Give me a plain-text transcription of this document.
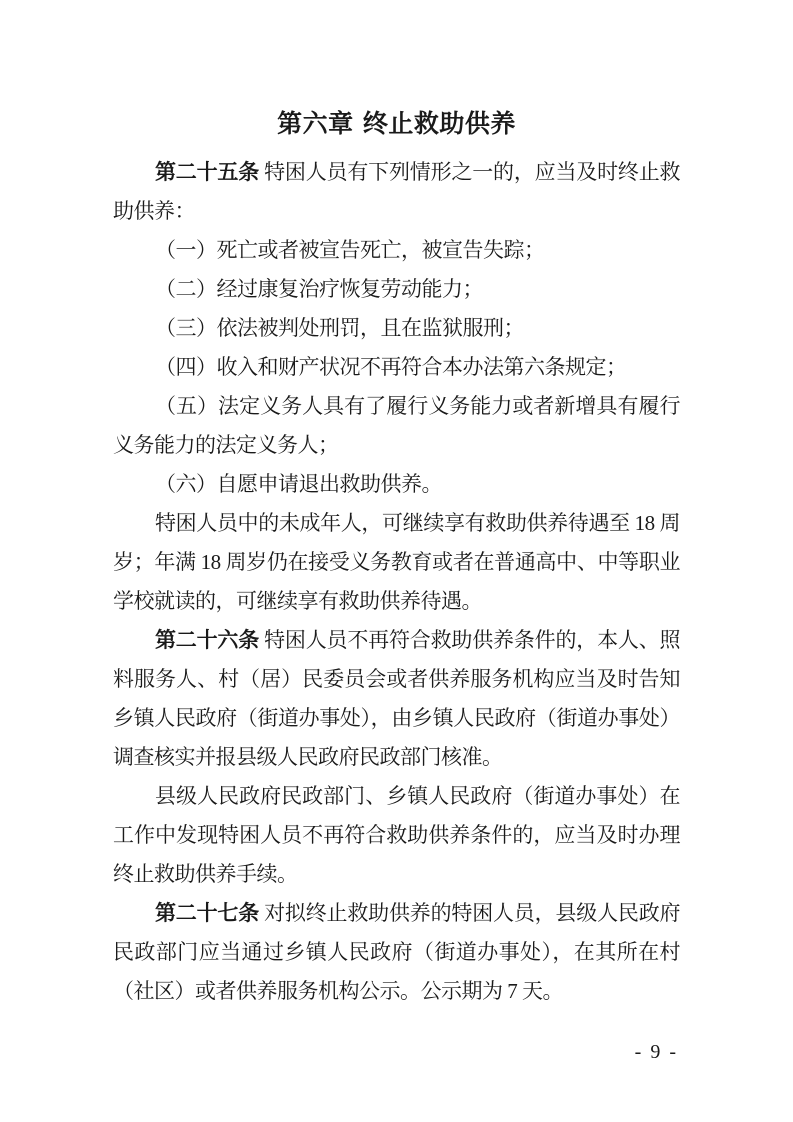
第六章 终止救助供养

第二十五条 特困人员有下列情形之一的，应当及时终止救助供养：

（一）死亡或者被宣告死亡，被宣告失踪；

（二）经过康复治疗恢复劳动能力；

（三）依法被判处刑罚，且在监狱服刑；

（四）收入和财产状况不再符合本办法第六条规定；

（五）法定义务人具有了履行义务能力或者新增具有履行义务能力的法定义务人；

（六）自愿申请退出救助供养。

特困人员中的未成年人，可继续享有救助供养待遇至 18 周岁；年满 18 周岁仍在接受义务教育或者在普通高中、中等职业学校就读的，可继续享有救助供养待遇。

第二十六条 特困人员不再符合救助供养条件的，本人、照料服务人、村（居）民委员会或者供养服务机构应当及时告知乡镇人民政府（街道办事处），由乡镇人民政府（街道办事处）调查核实并报县级人民政府民政部门核准。

县级人民政府民政部门、乡镇人民政府（街道办事处）在工作中发现特困人员不再符合救助供养条件的，应当及时办理终止救助供养手续。

第二十七条 对拟终止救助供养的特困人员，县级人民政府民政部门应当通过乡镇人民政府（街道办事处），在其所在村（社区）或者供养服务机构公示。公示期为 7 天。

- 9 -
